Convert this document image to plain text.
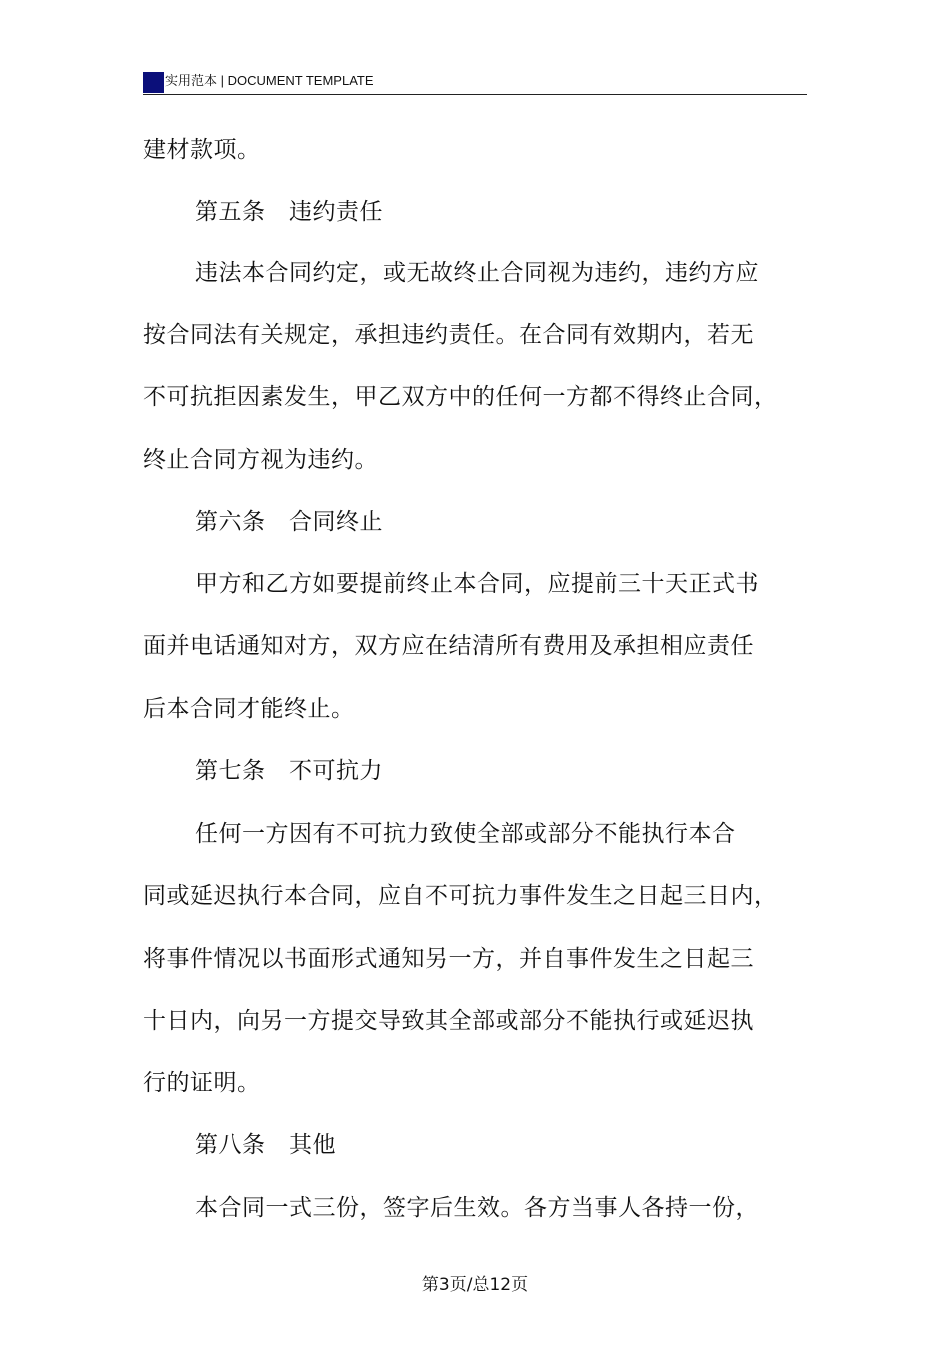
实用范本 | DOCUMENT TEMPLATE
建材款项。
第五条　违约责任
违法本合同约定，或无故终止合同视为违约，违约方应
按合同法有关规定，承担违约责任。在合同有效期内，若无
不可抗拒因素发生，甲乙双方中的任何一方都不得终止合同，
终止合同方视为违约。
第六条　合同终止
甲方和乙方如要提前终止本合同，应提前三十天正式书
面并电话通知对方，双方应在结清所有费用及承担相应责任
后本合同才能终止。
第七条　不可抗力
任何一方因有不可抗力致使全部或部分不能执行本合
同或延迟执行本合同，应自不可抗力事件发生之日起三日内，
将事件情况以书面形式通知另一方，并自事件发生之日起三
十日内，向另一方提交导致其全部或部分不能执行或延迟执
行的证明。
第八条　其他
本合同一式三份，签字后生效。各方当事人各持一份，
第3页/总12页
